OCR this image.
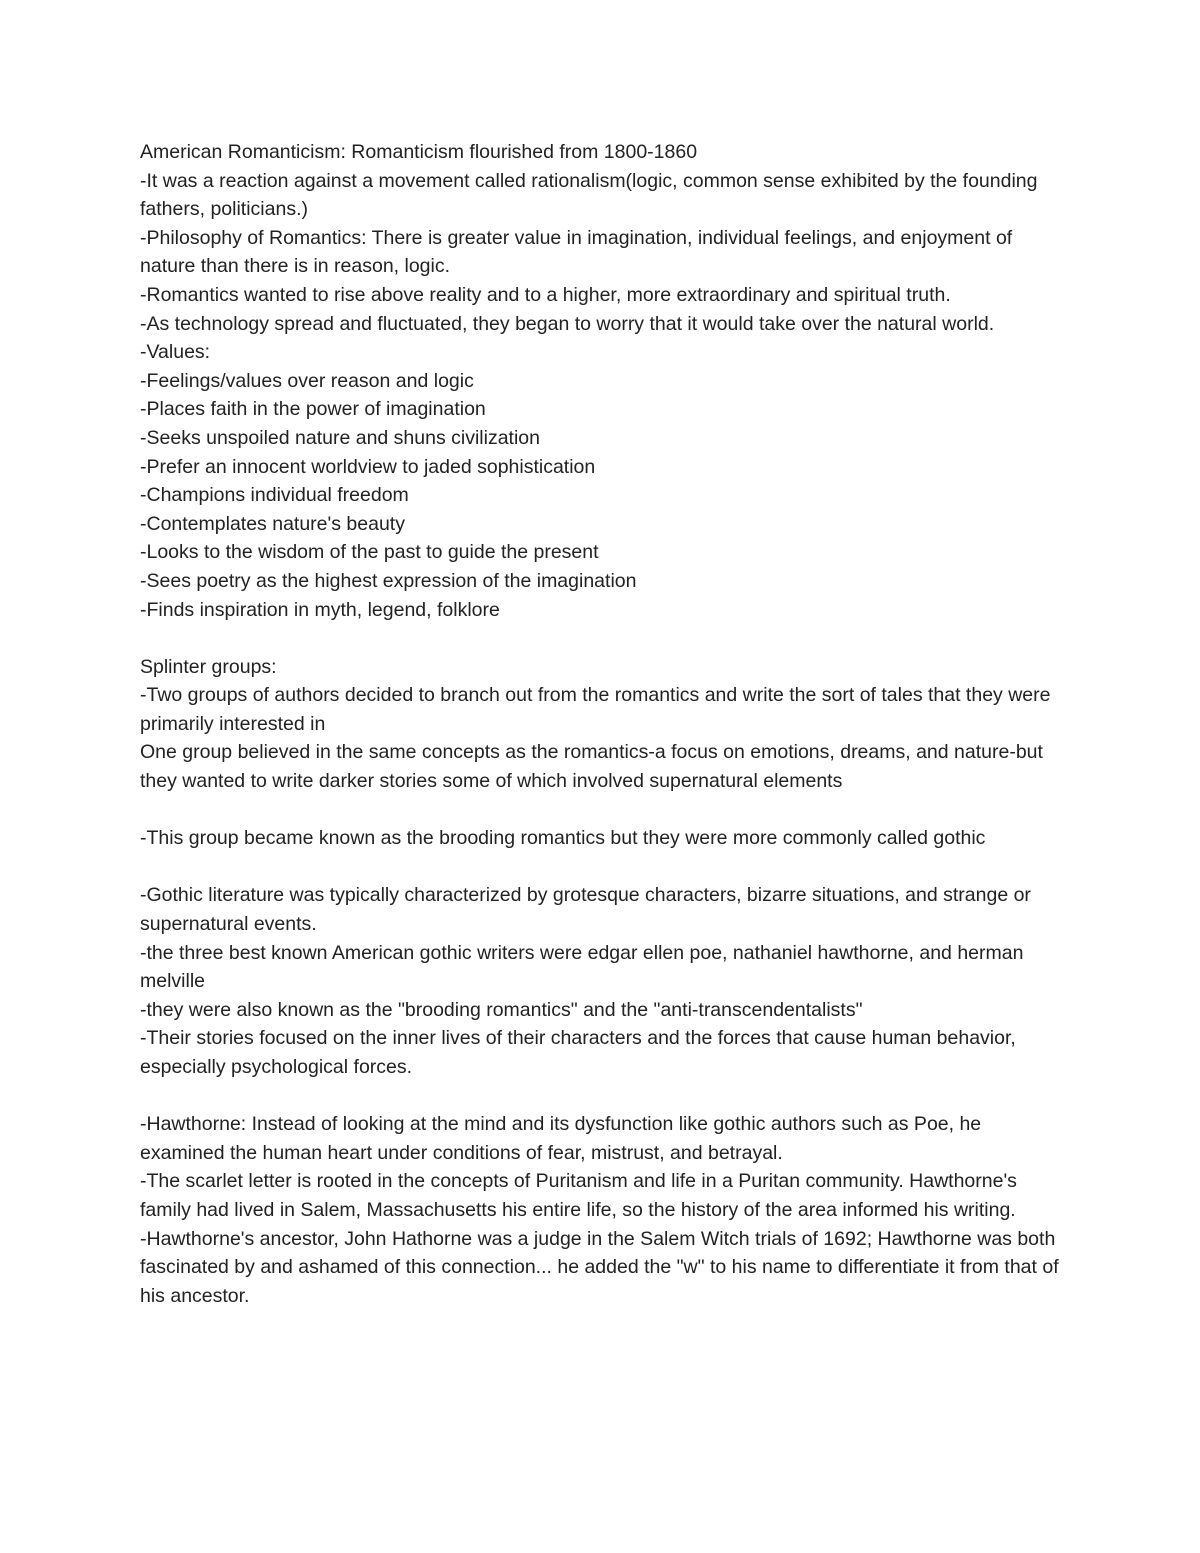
American Romanticism: Romanticism flourished from 1800-1860

-It was a reaction against a movement called rationalism(logic, common sense exhibited by the founding fathers, politicians.)

-Philosophy of Romantics: There is greater value in imagination, individual feelings, and enjoyment of nature than there is in reason, logic.

-Romantics wanted to rise above reality and to a higher, more extraordinary and spiritual truth.

-As technology spread and fluctuated, they began to worry that it would take over the natural world.

-Values:

-Feelings/values over reason and logic

-Places faith in the power of imagination

-Seeks unspoiled nature and shuns civilization

-Prefer an innocent worldview to jaded sophistication

-Champions individual freedom

-Contemplates nature's beauty

-Looks to the wisdom of the past to guide the present

-Sees poetry as the highest expression of the imagination

-Finds inspiration in myth, legend, folklore

Splinter groups:

-Two groups of authors decided to branch out from the romantics and write the sort of tales that they were primarily interested in

One group believed in the same concepts as the romantics-a focus on emotions, dreams, and nature-but they wanted to write darker stories some of which involved supernatural elements

-This group became known as the brooding romantics but they were more commonly called gothic

-Gothic literature was typically characterized by grotesque characters, bizarre situations, and strange or supernatural events.

-the three best known American gothic writers were edgar ellen poe, nathaniel hawthorne, and herman melville

-they were also known as the "brooding romantics" and the "anti-transcendentalists"

-Their stories focused on the inner lives of their characters and the forces that cause human behavior, especially psychological forces.

-Hawthorne: Instead of looking at the mind and its dysfunction like gothic authors such as Poe, he examined the human heart under conditions of fear, mistrust, and betrayal.

-The scarlet letter is rooted in the concepts of Puritanism and life in a Puritan community. Hawthorne's family had lived in Salem, Massachusetts his entire life, so the history of the area informed his writing.

-Hawthorne's ancestor, John Hathorne was a judge in the Salem Witch trials of 1692; Hawthorne was both fascinated by and ashamed of this connection... he added the "w" to his name to differentiate it from that of his ancestor.
